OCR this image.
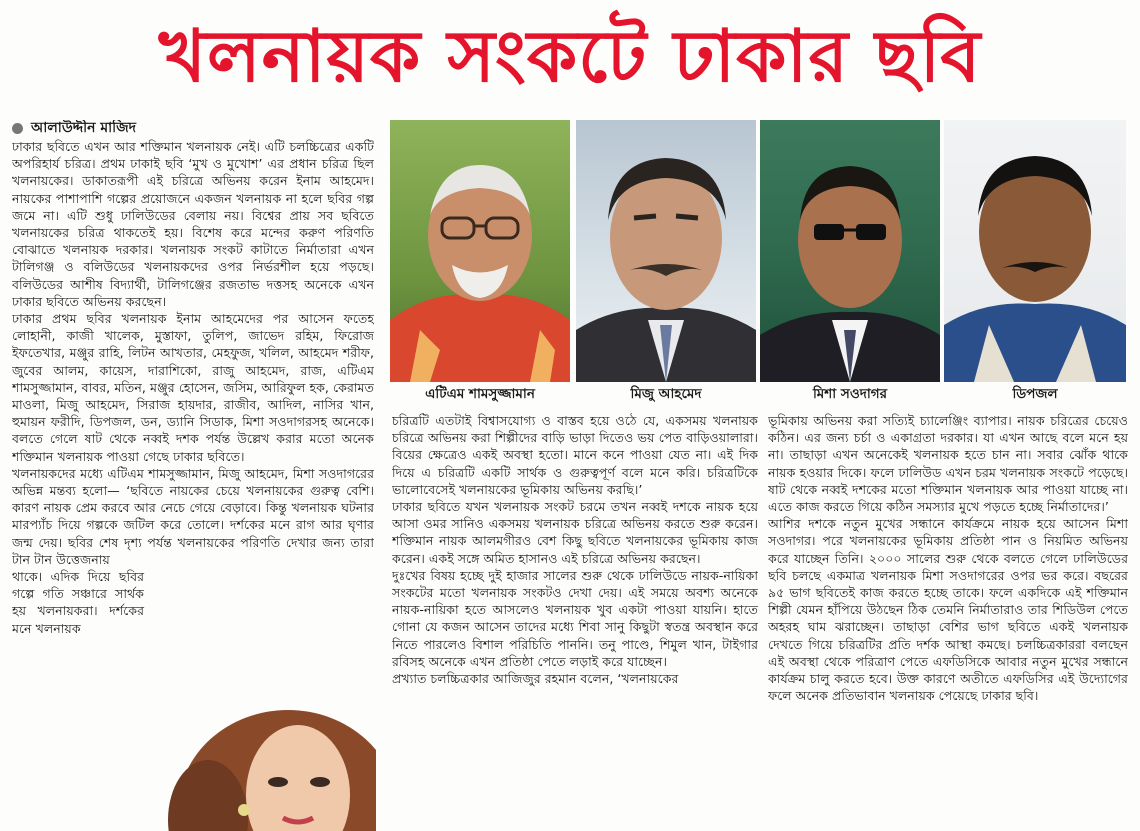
খলনায়ক সংকটে ঢাকার ছবি
আলাউদ্দীন মাজিদ

ঢাকার ছবিতে এখন আর শক্তিমান খলনায়ক নেই। এটি চলচ্চিত্রের একটি অপরিহার্য চরিত্র। প্রথম ঢাকাই ছবি ‘মুখ ও মুখোশ’ এর প্রধান চরিত্র ছিল খলনায়কের। ডাকাতরূপী এই চরিত্রে অভিনয় করেন ইনাম আহমেদ। নায়কের পাশাপাশি গল্পের প্রয়োজনে একজন খলনায়ক না হলে ছবির গল্প জমে না। এটি শুধু ঢালিউডের বেলায় নয়। বিশ্বের প্রায় সব ছবিতে খলনায়কের চরিত্র থাকতেই হয়। বিশেষ করে মন্দের করুণ পরিণতি বোঝাতে খলনায়ক দরকার। খলনায়ক সংকট কাটাতে নির্মাতারা এখন টালিগঞ্জ ও বলিউডের খলনায়কদের ওপর নির্ভরশীল হয়ে পড়ছে। বলিউডের আশীষ বিদ্যার্থী, টালিগঞ্জের রজতাভ দত্তসহ অনেকে এখন ঢাকার ছবিতে অভিনয় করছেন।

ঢাকার প্রথম ছবির খলনায়ক ইনাম আহমেদের পর আসেন ফতেহ লোহানী, কাজী খালেক, মুস্তাফা, তুলিপ, জাভেদ রহিম, ফিরোজ ইফতেখার, মঞ্জুর রাহি, লিটন আখতার, মেহফুজ, খলিল, আহমেদ শরীফ, জুবের আলম, কায়েস, দারাশিকো, রাজু আহমেদ, রাজ, এটিএম শামসুজ্জামান, বাবর, মতিন, মঞ্জুর হোসেন, জসিম, আরিফুল হক, কেরামত মাওলা, মিজু আহমেদ, সিরাজ হায়দার, রাজীব, আদিল, নাসির খান, হুমায়ন ফরীদি, ডিপজল, ডন, ড্যানি সিডাক, মিশা সওদাগরসহ অনেকে। বলতে গেলে ষাট থেকে নব্বই দশক পর্যন্ত উল্লেখ করার মতো অনেক শক্তিমান খলনায়ক পাওয়া গেছে ঢাকার ছবিতে।

খলনায়কদের মধ্যে এটিএম শামসুজ্জামান, মিজু আহমেদ, মিশা সওদাগরের অভিন্ন মন্তব্য হলো— ‘ছবিতে নায়কের চেয়ে খলনায়কের গুরুত্ব বেশি। কারণ নায়ক প্রেম করবে আর নেচে গেয়ে বেড়াবে। কিন্তু খলনায়ক ঘটনার মারপ্যাঁচ দিয়ে গল্পকে জটিল করে তোলে। দর্শকের মনে রাগ আর ঘৃণার জন্ম দেয়। ছবির শেষ দৃশ্য পর্যন্ত খলনায়কের পরিণতি দেখার জন্য তারা টান টান উত্তেজনায়

থাকে। এদিক দিয়ে ছবির গল্পে গতি সঞ্চারে সার্থক হয় খলনায়করা। দর্শকের মনে খলনায়ক

এটিএম শামসুজ্জামান	মিজু আহমেদ	মিশা সওদাগর	ডিপজল

চরিত্রটি এতটাই বিশ্বাসযোগ্য ও বাস্তব হয়ে ওঠে যে, একসময় খলনায়ক চরিত্রে অভিনয় করা শিল্পীদের বাড়ি ভাড়া দিতেও ভয় পেত বাড়িওয়ালারা। বিয়ের ক্ষেত্রেও একই অবস্থা হতো। মানে কনে পাওয়া যেত না। এই দিক দিয়ে এ চরিত্রটি একটি সার্থক ও গুরুত্বপূর্ণ বলে মনে করি। চরিত্রটিকে ভালোবেসেই খলনায়কের ভূমিকায় অভিনয় করছি।’

ঢাকার ছবিতে যখন খলনায়ক সংকট চরমে তখন নব্বই দশকে নায়ক হয়ে আসা ওমর সানিও একসময় খলনায়ক চরিত্রে অভিনয় করতে শুরু করেন। শক্তিমান নায়ক আলমগীরও বেশ কিছু ছবিতে খলনায়কের ভূমিকায় কাজ করেন। একই সঙ্গে অমিত হাসানও এই চরিত্রে অভিনয় করছেন।

দুঃখের বিষয় হচ্ছে দুই হাজার সালের শুরু থেকে ঢালিউডে নায়ক-নায়িকা সংকটের মতো খলনায়ক সংকটও দেখা দেয়। এই সময়ে অবশ্য অনেকে নায়ক-নায়িকা হতে আসলেও খলনায়ক খুব একটা পাওয়া যায়নি। হাতে গোনা যে কজন আসেন তাদের মধ্যে শিবা সানু কিছুটা স্বতন্ত্র অবস্থান করে নিতে পারলেও বিশাল পরিচিতি পাননি। তনু পাণ্ডে, শিমুল খান, টাইগার রবিসহ অনেকে এখন প্রতিষ্ঠা পেতে লড়াই করে যাচ্ছেন।

প্রখ্যাত চলচ্চিত্রকার আজিজুর রহমান বলেন, ‘খলনায়কের

ভূমিকায় অভিনয় করা সত্যিই চ্যালেঞ্জিং ব্যাপার। নায়ক চরিত্রের চেয়েও কঠিন। এর জন্য চর্চা ও একাগ্রতা দরকার। যা এখন আছে বলে মনে হয় না। তাছাড়া এখন অনেকেই খলনায়ক হতে চান না। সবার ঝোঁক থাকে নায়ক হওয়ার দিকে। ফলে ঢালিউড এখন চরম খলনায়ক সংকটে পড়েছে। ষাট থেকে নব্বই দশকের মতো শক্তিমান খলনায়ক আর পাওয়া যাচ্ছে না। এতে কাজ করতে গিয়ে কঠিন সমস্যার মুখে পড়তে হচ্ছে নির্মাতাদের।’

আশির দশকে নতুন মুখের সন্ধানে কার্যক্রমে নায়ক হয়ে আসেন মিশা সওদাগর। পরে খলনায়কের ভূমিকায় প্রতিষ্ঠা পান ও নিয়মিত অভিনয় করে যাচ্ছেন তিনি। ২০০০ সালের শুরু থেকে বলতে গেলে ঢালিউডের ছবি চলছে একমাত্র খলনায়ক মিশা সওদাগরের ওপর ভর করে। বছরের ৯৫ ভাগ ছবিতেই কাজ করতে হচ্ছে তাকে। ফলে একদিকে এই শক্তিমান শিল্পী যেমন হাঁপিয়ে উঠছেন ঠিক তেমনি নির্মাতারাও তার শিডিউল পেতে অহরহ ঘাম ঝরাচ্ছেন। তাছাড়া বেশির ভাগ ছবিতে একই খলনায়ক দেখতে গিয়ে চরিত্রটির প্রতি দর্শক আস্থা কমছে। চলচ্চিত্রকাররা বলছেন এই অবস্থা থেকে পরিত্রাণ পেতে এফডিসিকে আবার নতুন মুখের সন্ধানে কার্যক্রম চালু করতে হবে। উক্ত কারণে অতীতে এফডিসির এই উদ্যোগের ফলে অনেক প্রতিভাবান খলনায়ক পেয়েছে ঢাকার ছবি।
